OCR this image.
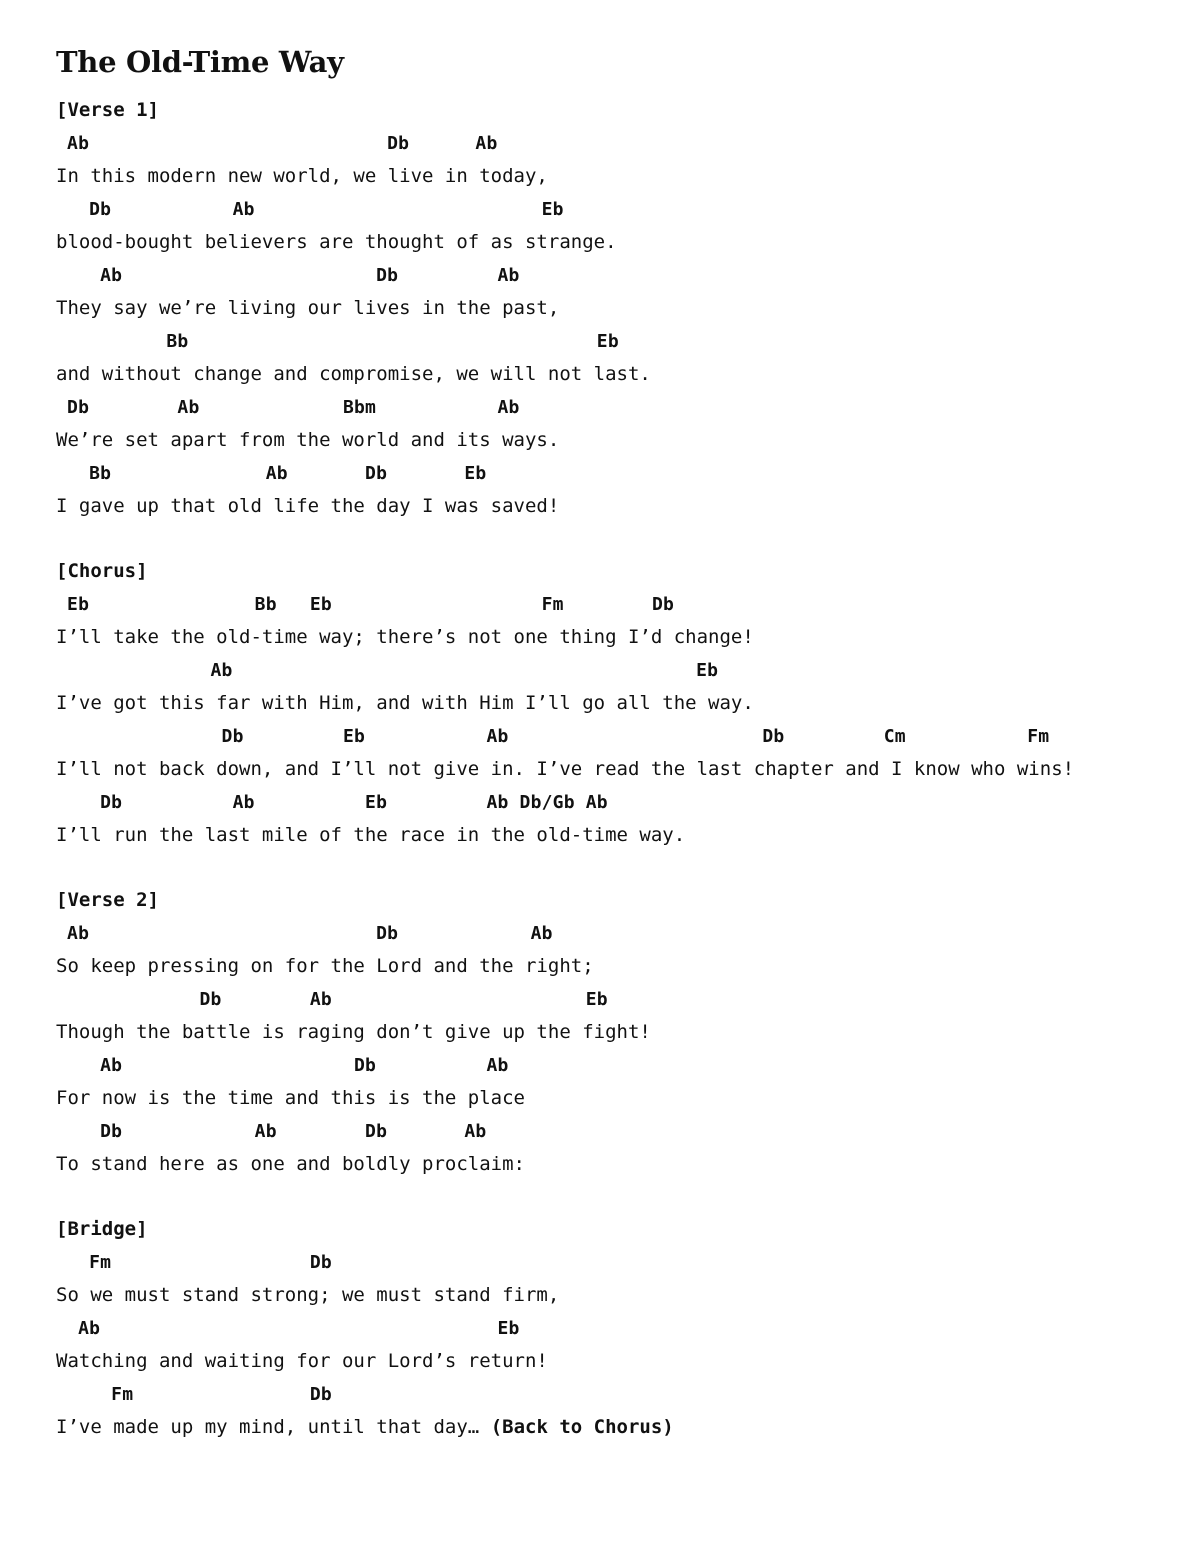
The Old-Time Way
[Verse 1]
Ab                           Db      Ab
In this modern new world, we live in today,
Db           Ab                          Eb
blood-bought believers are thought of as strange.
Ab                       Db         Ab
They say we’re living our lives in the past,
Bb                                     Eb
and without change and compromise, we will not last.
Db        Ab             Bbm           Ab
We’re set apart from the world and its ways.
Bb              Ab       Db       Eb
I gave up that old life the day I was saved!
[Chorus]
Eb               Bb   Eb                   Fm        Db
I’ll take the old-time way; there’s not one thing I’d change!
Ab                                          Eb
I’ve got this far with Him, and with Him I’ll go all the way.
Db         Eb           Ab                       Db         Cm           Fm
I’ll not back down, and I’ll not give in. I’ve read the last chapter and I know who wins!
Db          Ab          Eb         Ab Db/Gb Ab
I’ll run the last mile of the race in the old-time way.
[Verse 2]
Ab                          Db            Ab
So keep pressing on for the Lord and the right;
Db        Ab                       Eb
Though the battle is raging don’t give up the fight!
Ab                     Db          Ab
For now is the time and this is the place
Db            Ab        Db       Ab
To stand here as one and boldly proclaim:
[Bridge]
Fm                  Db
So we must stand strong; we must stand firm,
Ab                                    Eb
Watching and waiting for our Lord’s return!
Fm                Db
I’ve made up my mind, until that day… (Back to Chorus)
